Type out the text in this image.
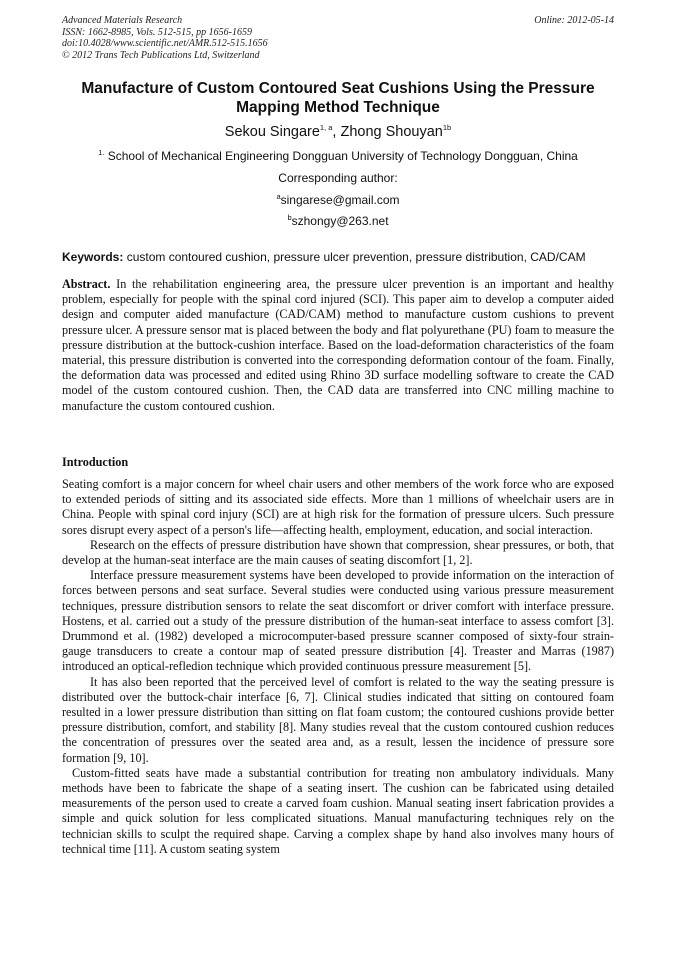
Advanced Materials Research
ISSN: 1662-8985, Vols. 512-515, pp 1656-1659
doi:10.4028/www.scientific.net/AMR.512-515.1656
© 2012 Trans Tech Publications Ltd, Switzerland
Online: 2012-05-14
Manufacture of Custom Contoured Seat Cushions Using the Pressure Mapping Method Technique
Sekou Singare$^{1, a}$, Zhong Shouyan$^{1b}$
$^{1.}$ School of Mechanical Engineering Dongguan University of Technology Dongguan, China
Corresponding author:
$^a$singarese@gmail.com
$^b$szhongy@263.net
Keywords: custom contoured cushion, pressure ulcer prevention, pressure distribution, CAD/CAM
Abstract. In the rehabilitation engineering area, the pressure ulcer prevention is an important and healthy problem, especially for people with the spinal cord injured (SCI). This paper aim to develop a computer aided design and computer aided manufacture (CAD/CAM) method to manufacture custom cushions to prevent pressure ulcer. A pressure sensor mat is placed between the body and flat polyurethane (PU) foam to measure the pressure distribution at the buttock-cushion interface. Based on the load-deformation characteristics of the foam material, this pressure distribution is converted into the corresponding deformation contour of the foam. Finally, the deformation data was processed and edited using Rhino 3D surface modelling software to create the CAD model of the custom contoured cushion. Then, the CAD data are transferred into CNC milling machine to manufacture the custom contoured cushion.
Introduction

Seating comfort is a major concern for wheel chair users and other members of the work force who are exposed to extended periods of sitting and its associated side effects. More than 1 millions of wheelchair users are in China. People with spinal cord injury (SCI) are at high risk for the formation of pressure ulcers. Such pressure sores disrupt every aspect of a person's life—affecting health, employment, education, and social interaction.

Research on the effects of pressure distribution have shown that compression, shear pressures, or both, that develop at the human-seat interface are the main causes of seating discomfort [1, 2].

Interface pressure measurement systems have been developed to provide information on the interaction of forces between persons and seat surface. Several studies were conducted using various pressure measurement techniques, pressure distribution sensors to relate the seat discomfort or driver comfort with interface pressure. Hostens, et al. carried out a study of the pressure distribution of the human-seat interface to assess comfort [3]. Drummond et al. (1982) developed a microcomputer-based pressure scanner composed of sixty-four strain-gauge transducers to create a contour map of seated pressure distribution [4]. Treaster and Marras (1987) introduced an optical-refledion technique which provided continuous pressure measurement [5].

It has also been reported that the perceived level of comfort is related to the way the seating pressure is distributed over the buttock-chair interface [6, 7]. Clinical studies indicated that sitting on contoured foam resulted in a lower pressure distribution than sitting on flat foam custom; the contoured cushions provide better pressure distribution, comfort, and stability [8]. Many studies reveal that the custom contoured cushion reduces the concentration of pressures over the seated area and, as a result, lessen the incidence of pressure sore formation [9, 10].

Custom-fitted seats have made a substantial contribution for treating non ambulatory individuals. Many methods have been to fabricate the shape of a seating insert. The cushion can be fabricated using detailed measurements of the person used to create a carved foam cushion. Manual seating insert fabrication provides a simple and quick solution for less complicated situations. Manual manufacturing techniques rely on the technician skills to sculpt the required shape. Carving a complex shape by hand also involves many hours of technical time [11]. A custom seating system
